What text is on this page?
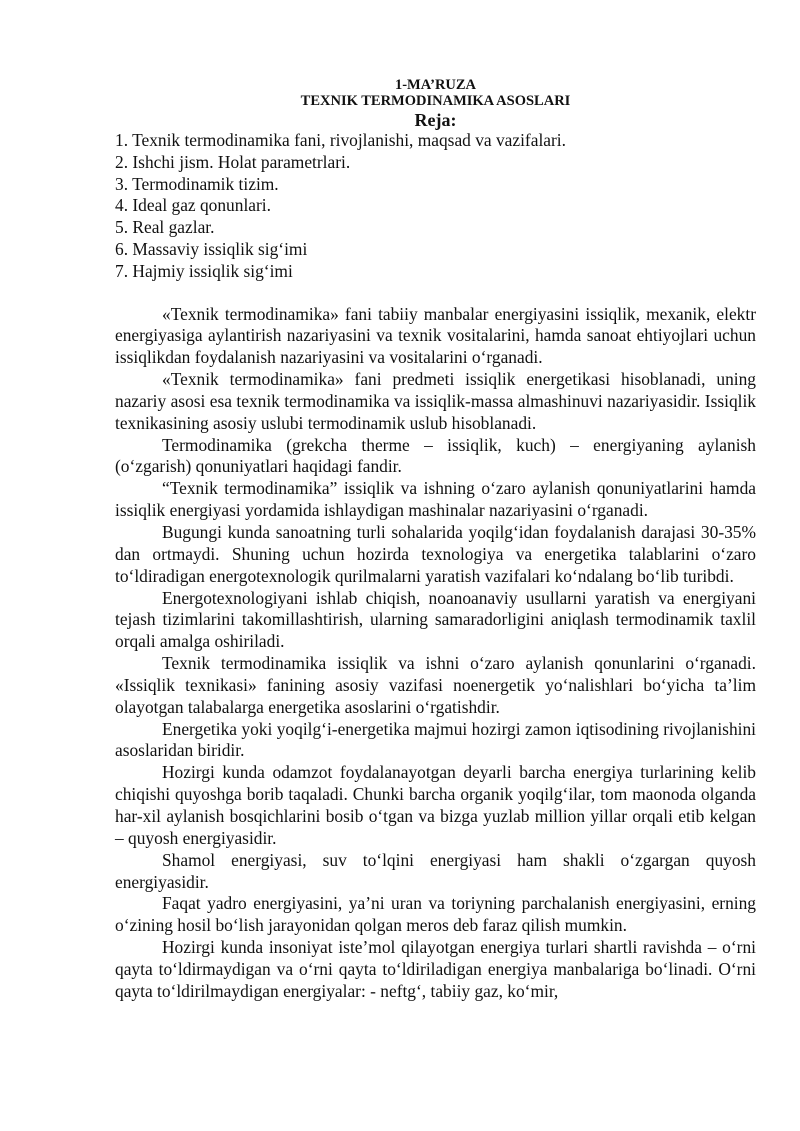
1-MA’RUZA

TEXNIK TERMODINAMIKA ASOSLARI

Reja:

1. Texnik termodinamika fani, rivojlanishi, maqsad va vazifalari.
2. Ishchi jism. Holat parametrlari.
3. Termodinamik tizim.
4. Ideal gaz qonunlari.
5. Real gazlar.
6. Massaviy issiqlik sig‘imi
7. Hajmiy issiqlik sig‘imi

«Texnik termodinamika» fani tabiiy manbalar energiyasini issiqlik, mexanik, elektr energiyasiga aylantirish nazariyasini va texnik vositalarini, hamda sanoat ehtiyojlari uchun issiqlikdan foydalanish nazariyasini va vositalarini o‘rganadi.

«Texnik termodinamika» fani predmeti issiqlik energetikasi hisoblanadi, uning nazariy asosi esa texnik termodinamika va issiqlik-massa almashinuvi nazariyasidir. Issiqlik texnikasining asosiy uslubi termodinamik uslub hisoblanadi.

Termodinamika (grekcha therme – issiqlik, kuch) – energiyaning aylanish (o‘zgarish) qonuniyatlari haqidagi fandir.

“Texnik termodinamika” issiqlik va ishning o‘zaro aylanish qonuniyatlarini hamda issiqlik energiyasi yordamida ishlaydigan mashinalar nazariyasini o‘rganadi.

Bugungi kunda sanoatning turli sohalarida yoqilg‘idan foydalanish darajasi 30-35% dan ortmaydi. Shuning uchun hozirda texnologiya va energetika talablarini o‘zaro to‘ldiradigan energotexnologik qurilmalarni yaratish vazifalari ko‘ndalang bo‘lib turibdi.

Energotexnologiyani ishlab chiqish, noanoanaviy usullarni yaratish va energiyani tejash tizimlarini takomillashtirish, ularning samaradorligini aniqlash termodinamik taxlil orqali amalga oshiriladi.

Texnik termodinamika issiqlik va ishni o‘zaro aylanish qonunlarini o‘rganadi. «Issiqlik texnikasi» fanining asosiy vazifasi noenergetik yo‘nalishlari bo‘yicha ta’lim olayotgan talabalarga energetika asoslarini o‘rgatishdir.

Energetika yoki yoqilg‘i-energetika majmui hozirgi zamon iqtisodining rivojlanishini asoslaridan biridir.

Hozirgi kunda odamzot foydalanayotgan deyarli barcha energiya turlarining kelib chiqishi quyoshga borib taqaladi. Chunki barcha organik yoqilg‘ilar, tom maonoda olganda har-xil aylanish bosqichlarini bosib o‘tgan va bizga yuzlab million yillar orqali etib kelgan – quyosh energiyasidir.

Shamol energiyasi, suv to‘lqini energiyasi ham shakli o‘zgargan quyosh energiyasidir.

Faqat yadro energiyasini, ya’ni uran va toriyning parchalanish energiyasini, erning o‘zining hosil bo‘lish jarayonidan qolgan meros deb faraz qilish mumkin.

Hozirgi kunda insoniyat iste’mol qilayotgan energiya turlari shartli ravishda – o‘rni qayta to‘ldirmaydigan va o‘rni qayta to‘ldiriladigan energiya manbalariga bo‘linadi. O‘rni qayta to‘ldirilmaydigan energiyalar: - neftg‘, tabiiy gaz, ko‘mir,
